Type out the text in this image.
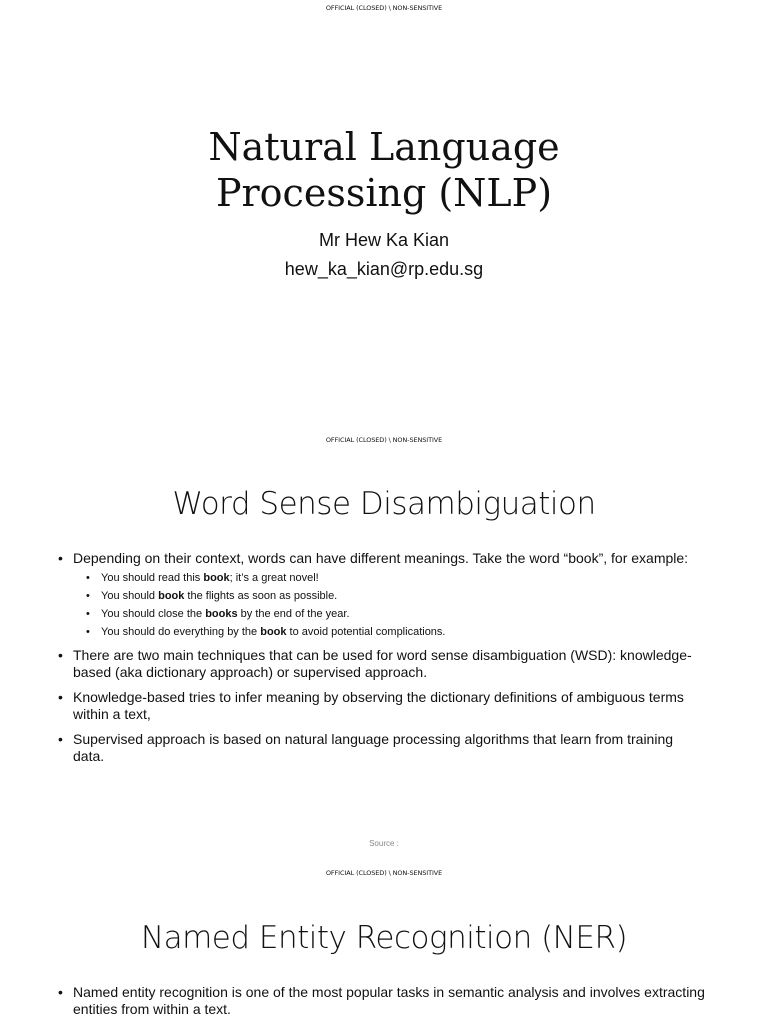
OFFICIAL (CLOSED) \ NON-SENSITIVE
Natural Language
Processing (NLP)
Mr Hew Ka Kian
hew_ka_kian@rp.edu.sg
OFFICIAL (CLOSED) \ NON-SENSITIVE
Word Sense Disambiguation
• Depending on their context, words can have different meanings. Take the word “book”, for example:
• You should read this book; it’s a great novel!
• You should book the flights as soon as possible.
• You should close the books by the end of the year.
• You should do everything by the book to avoid potential complications.
• There are two main techniques that can be used for word sense disambiguation (WSD): knowledge-based (aka dictionary approach) or supervised approach.
• Knowledge-based tries to infer meaning by observing the dictionary definitions of ambiguous terms within a text,
• Supervised approach is based on natural language processing algorithms that learn from training data.
Source :
OFFICIAL (CLOSED) \ NON-SENSITIVE
Named Entity Recognition (NER)
• Named entity recognition is one of the most popular tasks in semantic analysis and involves extracting entities from within a text.
